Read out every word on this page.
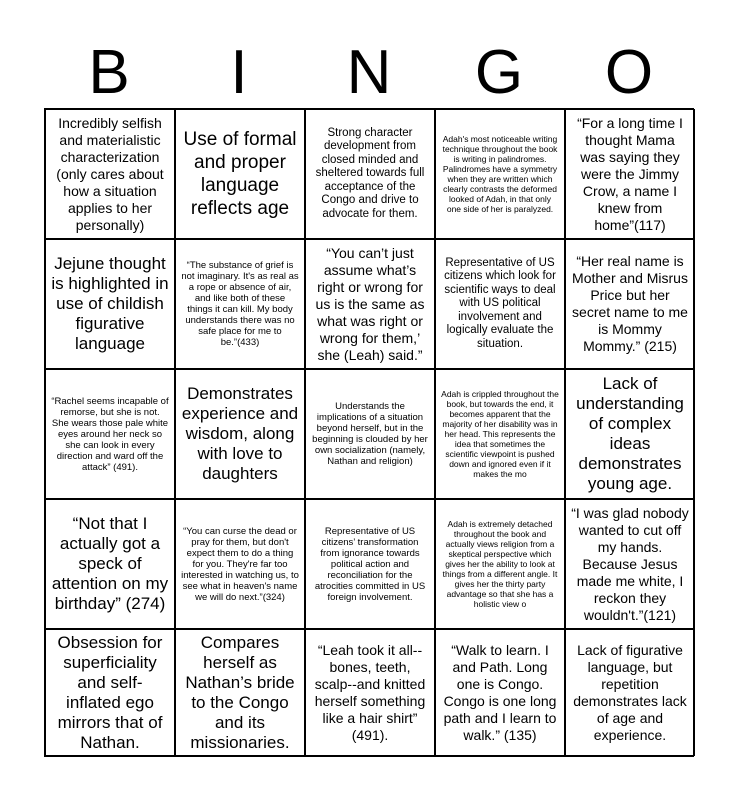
B	I	N	G	O
Incredibly selfish and materialistic characterization (only cares about how a situation applies to her personally)
Use of formal and proper language reflects age
Strong character development from closed minded and sheltered towards full acceptance of the Congo and drive to advocate for them.
Adah's most noticeable writing technique throughout the book is writing in palindromes. Palindromes have a symmetry when they are written which clearly contrasts the deformed looked of Adah, in that only one side of her is paralyzed.
“For a long time I thought Mama was saying they were the Jimmy Crow, a name I knew from home”(117)
Jejune thought is highlighted in use of childish figurative language
“The substance of grief is not imaginary. It's as real as a rope or absence of air, and like both of these things it can kill. My body understands there was no safe place for me to be.”(433)
“You can’t just assume what’s right or wrong for us is the same as what was right or wrong for them,’ she (Leah) said.”
Representative of US citizens which look for scientific ways to deal with US political involvement and logically evaluate the situation.
“Her real name is Mother and Misrus Price but her secret name to me is Mommy Mommy.” (215)
“Rachel seems incapable of remorse, but she is not. She wears those pale white eyes around her neck so she can look in every direction and ward off the attack” (491).
Demonstrates experience and wisdom, along with love to daughters
Understands the implications of a situation beyond herself, but in the beginning is clouded by her own socialization (namely, Nathan and religion)
Adah is crippled throughout the book, but towards the end, it becomes apparent that the majority of her disability was in her head. This represents the idea that sometimes the scientific viewpoint is pushed down and ignored even if it makes the mo
Lack of understanding of complex ideas demonstrates young age.
“Not that I actually got a speck of attention on my birthday” (274)
“You can curse the dead or pray for them, but don't expect them to do a thing for you. They're far too interested in watching us, to see what in heaven's name we will do next.”(324)
Representative of US citizens’ transformation from ignorance towards political action and reconciliation for the atrocities committed in US foreign involvement.
Adah is extremely detached throughout the book and actually views religion from a skeptical perspective which gives her the ability to look at things from a different angle. It gives her the thirty party advantage so that she has a holistic view o
“I was glad nobody wanted to cut off my hands. Because Jesus made me white, I reckon they wouldn't.”(121)
Obsession for superficiality and self-inflated ego mirrors that of Nathan.
Compares herself as Nathan’s bride to the Congo and its missionaries.
“Leah took it all--bones, teeth, scalp--and knitted herself something like a hair shirt” (491).
“Walk to learn. I and Path. Long one is Congo. Congo is one long path and I learn to walk.” (135)
Lack of figurative language, but repetition demonstrates lack of age and experience.
